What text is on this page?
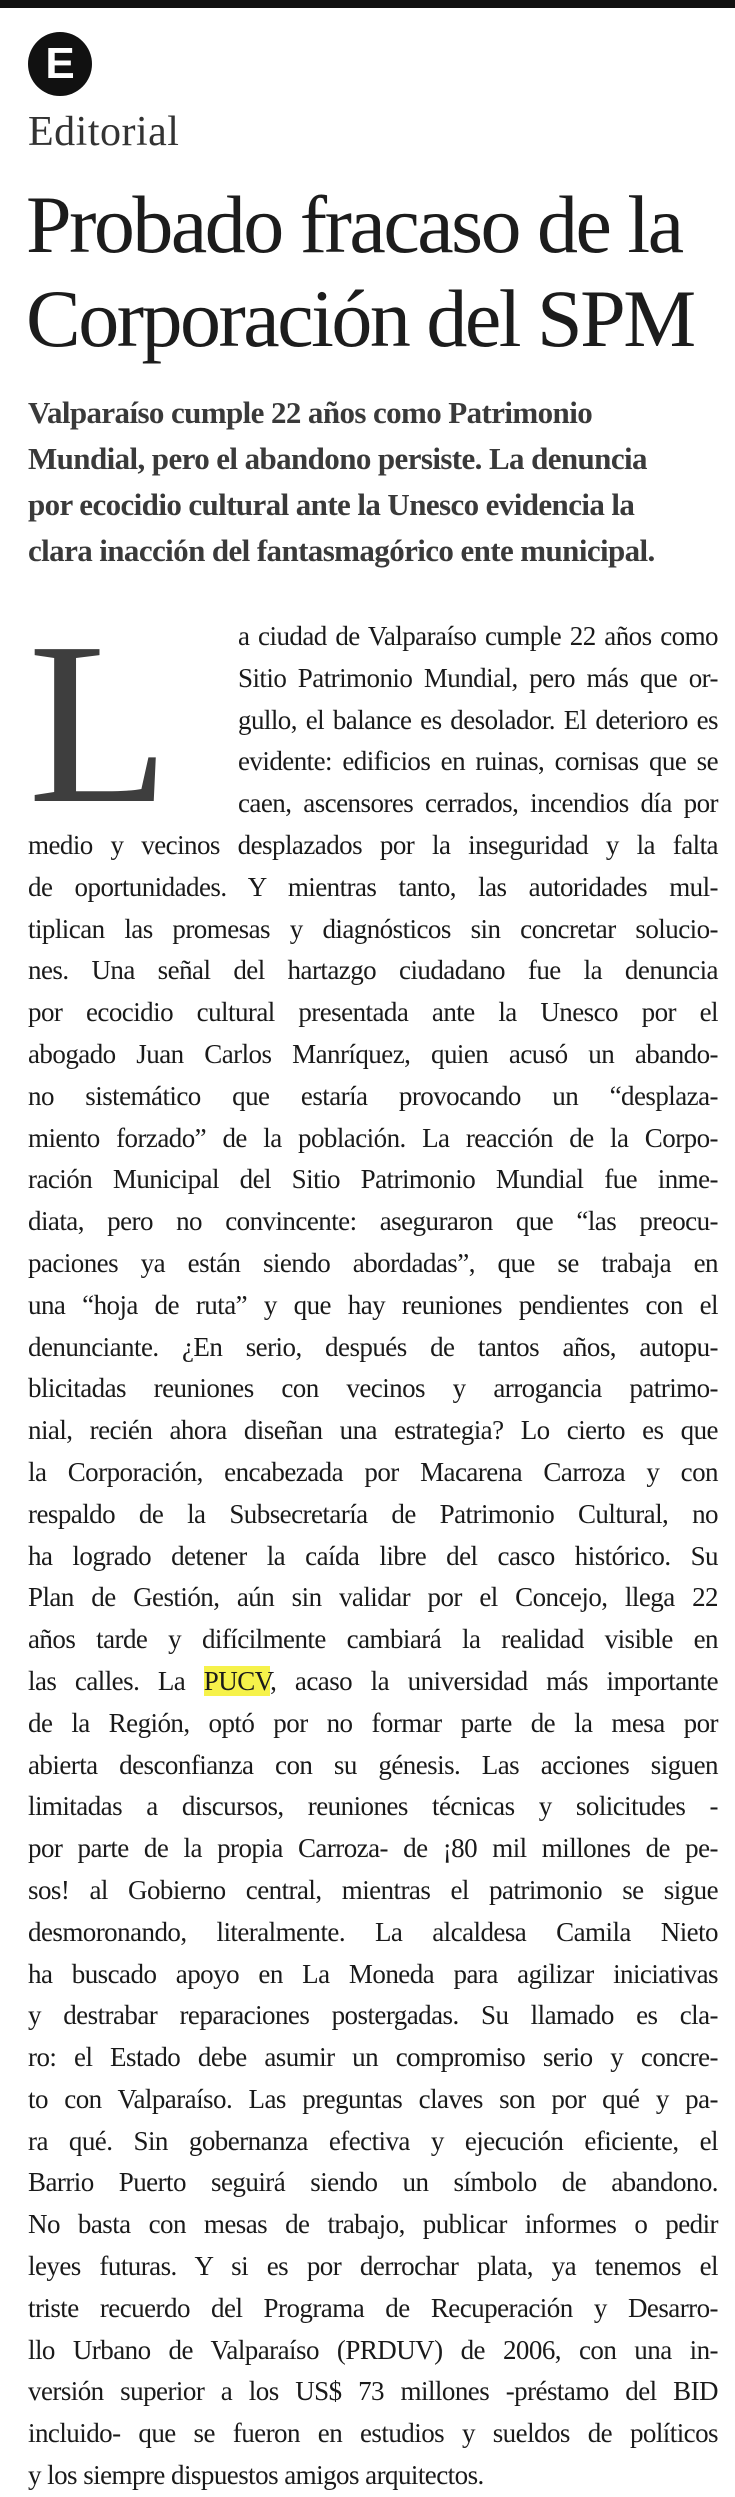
E
Editorial
Probado fracaso de la
Corporación del SPM
Valparaíso cumple 22 años como Patrimonio
Mundial, pero el abandono persiste. La denuncia
por ecocidio cultural ante la Unesco evidencia la
clara inacción del fantasmagórico ente municipal.
L	a ciudad de Valparaíso cumple 22 años como
Sitio Patrimonio Mundial, pero más que or-
gullo, el balance es desolador. El deterioro es
evidente: edificios en ruinas, cornisas que se
caen, ascensores cerrados, incendios día por
medio y vecinos desplazados por la inseguridad y la falta
de oportunidades. Y mientras tanto, las autoridades mul-
tiplican las promesas y diagnósticos sin concretar solucio-
nes. Una señal del hartazgo ciudadano fue la denuncia
por ecocidio cultural presentada ante la Unesco por el
abogado Juan Carlos Manríquez, quien acusó un abando-
no sistemático que estaría provocando un “desplaza-
miento forzado” de la población. La reacción de la Corpo-
ración Municipal del Sitio Patrimonio Mundial fue inme-
diata, pero no convincente: aseguraron que “las preocu-
paciones ya están siendo abordadas”, que se trabaja en
una “hoja de ruta” y que hay reuniones pendientes con el
denunciante. ¿En serio, después de tantos años, autopu-
blicitadas reuniones con vecinos y arrogancia patrimo-
nial, recién ahora diseñan una estrategia? Lo cierto es que
la Corporación, encabezada por Macarena Carroza y con
respaldo de la Subsecretaría de Patrimonio Cultural, no
ha logrado detener la caída libre del casco histórico. Su
Plan de Gestión, aún sin validar por el Concejo, llega 22
años tarde y difícilmente cambiará la realidad visible en
las calles. La PUCV, acaso la universidad más importante
de la Región, optó por no formar parte de la mesa por
abierta desconfianza con su génesis. Las acciones siguen
limitadas a discursos, reuniones técnicas y solicitudes -
por parte de la propia Carroza- de ¡80 mil millones de pe-
sos! al Gobierno central, mientras el patrimonio se sigue
desmoronando, literalmente. La alcaldesa Camila Nieto
ha buscado apoyo en La Moneda para agilizar iniciativas
y destrabar reparaciones postergadas. Su llamado es cla-
ro: el Estado debe asumir un compromiso serio y concre-
to con Valparaíso. Las preguntas claves son por qué y pa-
ra qué. Sin gobernanza efectiva y ejecución eficiente, el
Barrio Puerto seguirá siendo un símbolo de abandono.
No basta con mesas de trabajo, publicar informes o pedir
leyes futuras. Y si es por derrochar plata, ya tenemos el
triste recuerdo del Programa de Recuperación y Desarro-
llo Urbano de Valparaíso (PRDUV) de 2006, con una in-
versión superior a los US$ 73 millones -préstamo del BID
incluido- que se fueron en estudios y sueldos de políticos
y los siempre dispuestos amigos arquitectos.
